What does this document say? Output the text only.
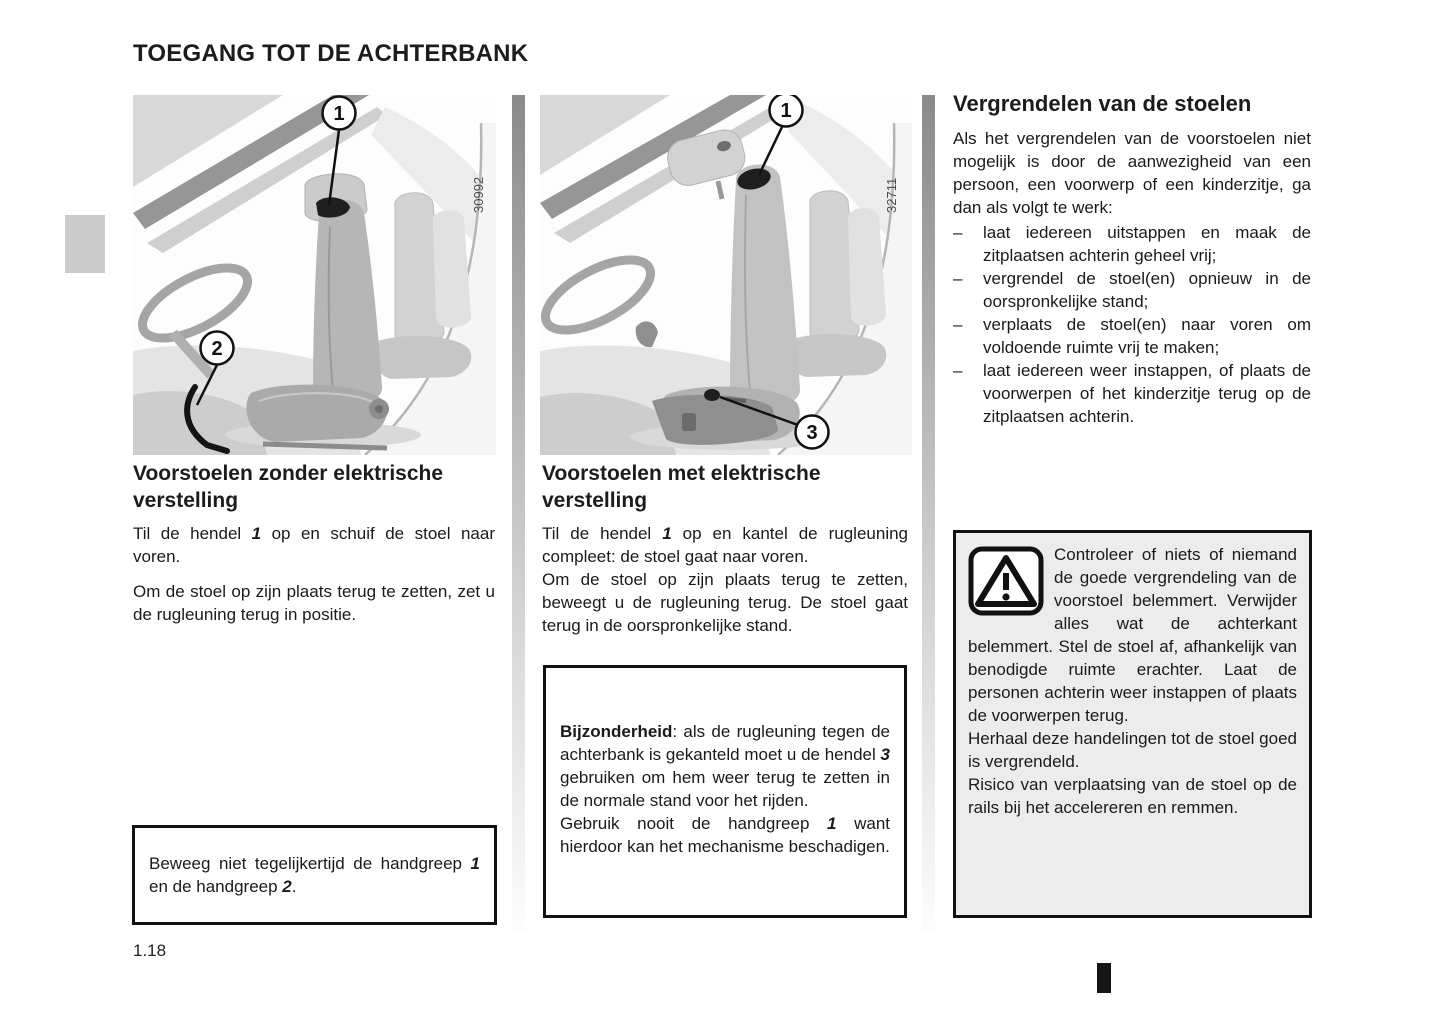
TOEGANG TOT DE ACHTERBANK
1
2
30992
1
3
32711
Voorstoelen zonder elektrische verstelling

Til de hendel 1 op en schuif de stoel naar voren.

Om de stoel op zijn plaats terug te zetten, zet u de rugleuning terug in positie.

Beweeg niet tegelijkertijd de handgreep 1 en de handgreep 2.

Voorstoelen met elektrische verstelling

Til de hendel 1 op en kantel de rugleuning compleet: de stoel gaat naar voren.

Om de stoel op zijn plaats terug te zetten, beweegt u de rugleuning terug. De stoel gaat terug in de oorspronkelijke stand.

Bijzonderheid: als de rugleuning tegen de achterbank is gekanteld moet u de hendel 3 gebruiken om hem weer terug te zetten in de normale stand voor het rijden.

Gebruik nooit de handgreep 1 want hierdoor kan het mechanisme beschadigen.

Vergrendelen van de stoelen

Als het vergrendelen van de voorstoelen niet mogelijk is door de aanwezigheid van een persoon, een voorwerp of een kinderzitje, ga dan als volgt te werk:

–	laat iedereen uitstappen en maak de zitplaatsen achterin geheel vrij;
–	vergrendel de stoel(en) opnieuw in de oorspronkelijke stand;
–	verplaats de stoel(en) naar voren om voldoende ruimte vrij te maken;
–	laat iedereen weer instappen, of plaats de voorwerpen of het kinderzitje terug op de zitplaatsen achterin.

Controleer of niets of niemand de goede vergrendeling van de voorstoel belemmert. Verwijder alles wat de achterkant belemmert. Stel de stoel af, afhankelijk van benodigde ruimte erachter. Laat de personen achterin weer instappen of plaats de voorwerpen terug.

Herhaal deze handelingen tot de stoel goed is vergrendeld.

Risico van verplaatsing van de stoel op de rails bij het accelereren en remmen.

1.18
